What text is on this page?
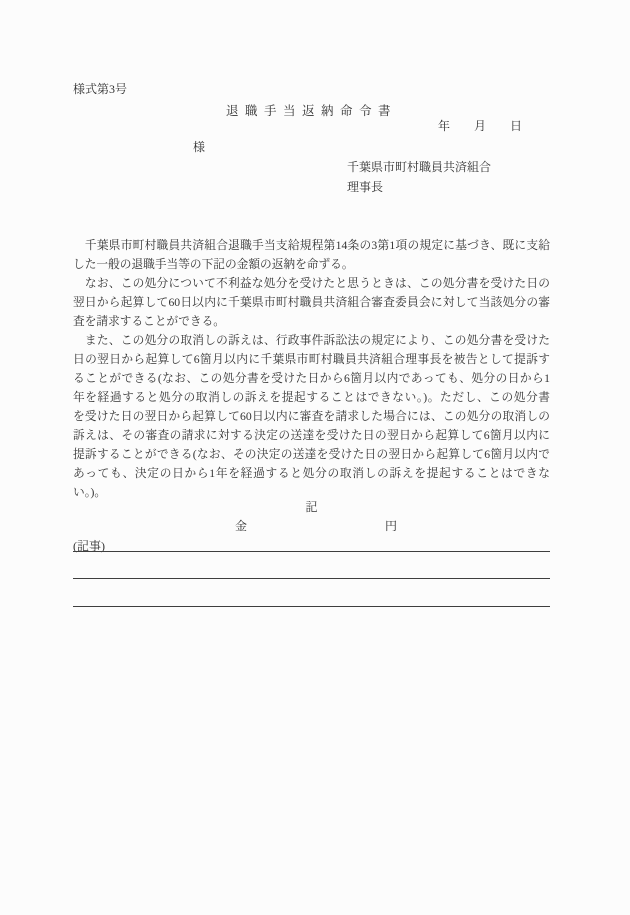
様式第3号
退職手当返納命令書
年　　月　　日
様
千葉県市町村職員共済組合
理事長
　千葉県市町村職員共済組合退職手当支給規程第14条の3第1項の規定に基づき、既に支給
した一般の退職手当等の下記の金額の返納を命ずる。
　なお、この処分について不利益な処分を受けたと思うときは、この処分書を受けた日の
翌日から起算して60日以内に千葉県市町村職員共済組合審査委員会に対して当該処分の審
査を請求することができる。
　また、この処分の取消しの訴えは、行政事件訴訟法の規定により、この処分書を受けた
日の翌日から起算して6箇月以内に千葉県市町村職員共済組合理事長を被告として提訴す
ることができる(なお、この処分書を受けた日から6箇月以内であっても、処分の日から1
年を経過すると処分の取消しの訴えを提起することはできない。)。ただし、この処分書
を受けた日の翌日から起算して60日以内に審査を請求した場合には、この処分の取消しの
訴えは、その審査の請求に対する決定の送達を受けた日の翌日から起算して6箇月以内に
提訴することができる(なお、その決定の送達を受けた日の翌日から起算して6箇月以内で
あっても、決定の日から1年を経過すると処分の取消しの訴えを提起することはできな
い。)。
記
金	円
(記事)
